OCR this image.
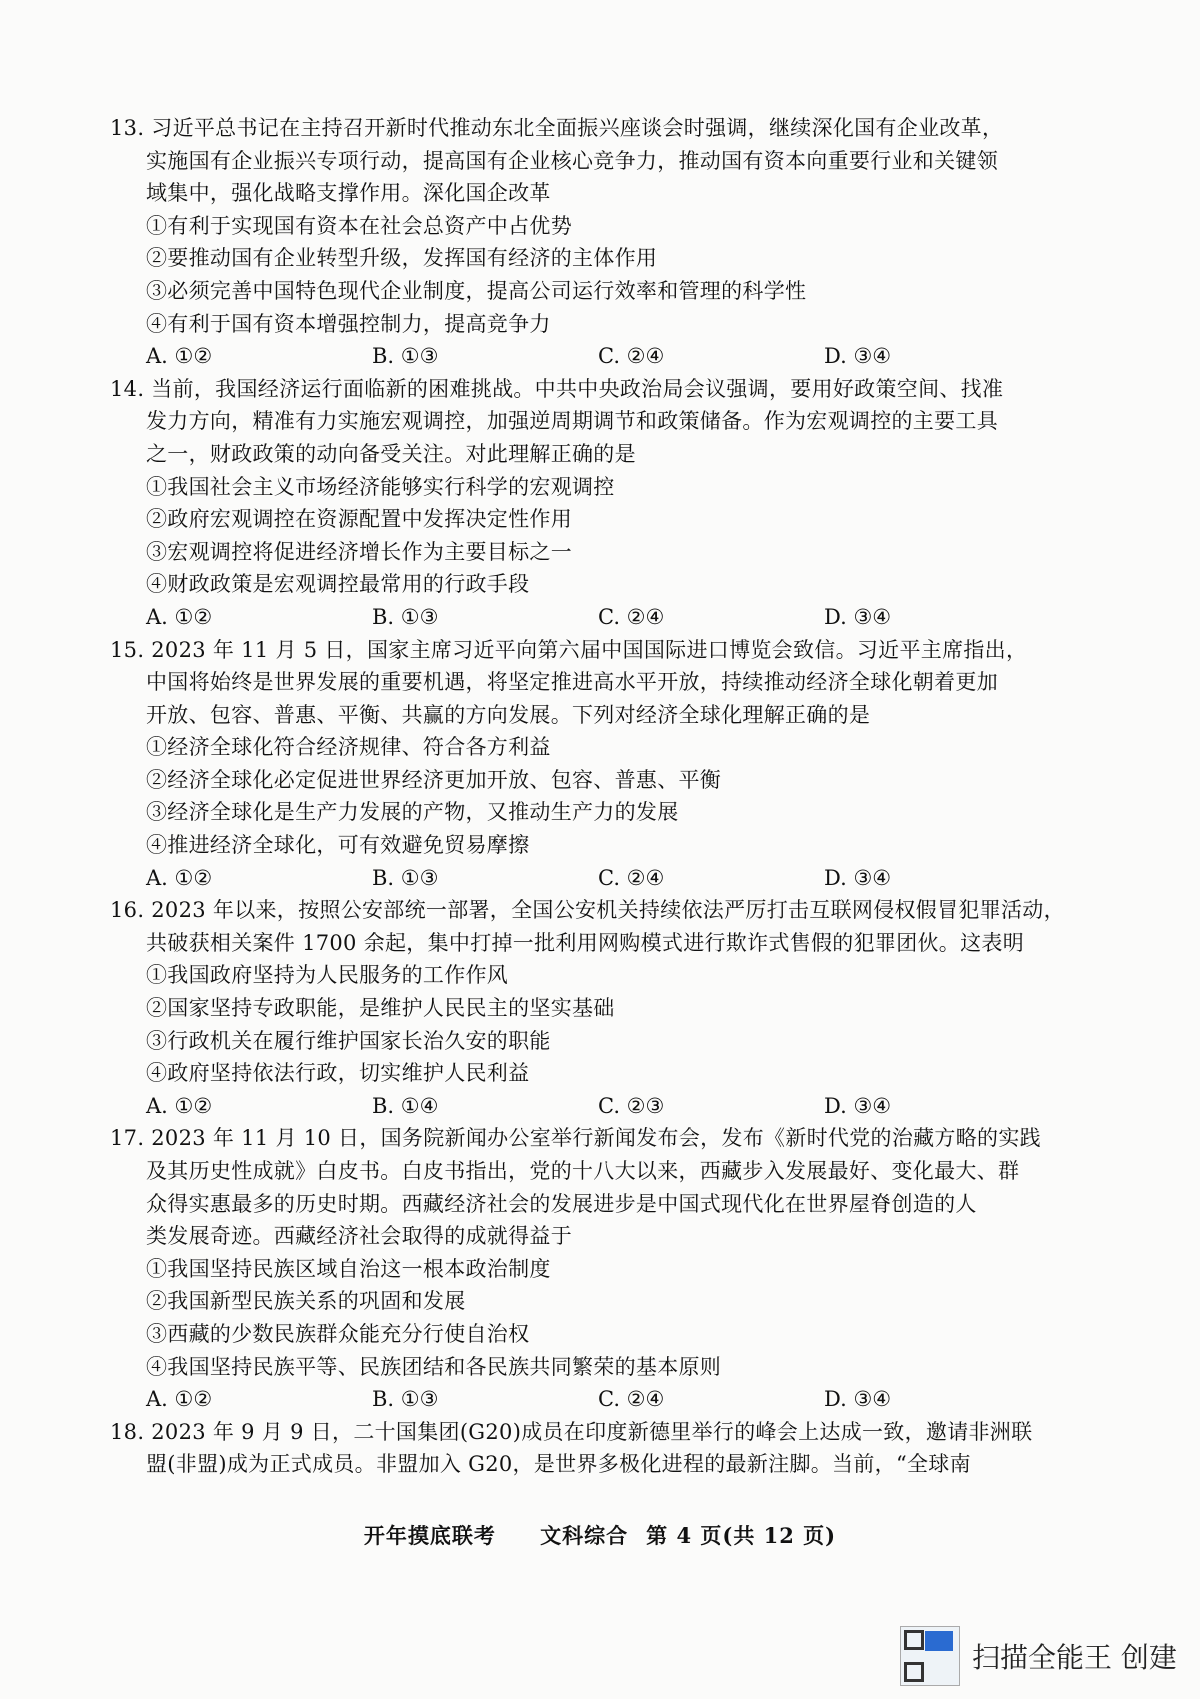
13. 习近平总书记在主持召开新时代推动东北全面振兴座谈会时强调，继续深化国有企业改革，
实施国有企业振兴专项行动，提高国有企业核心竞争力，推动国有资本向重要行业和关键领
域集中，强化战略支撑作用。深化国企改革
①有利于实现国有资本在社会总资产中占优势
②要推动国有企业转型升级，发挥国有经济的主体作用
③必须完善中国特色现代企业制度，提高公司运行效率和管理的科学性
④有利于国有资本增强控制力，提高竞争力
A. ①②	B. ①③	C. ②④	D. ③④
14. 当前，我国经济运行面临新的困难挑战。中共中央政治局会议强调，要用好政策空间、找准
发力方向，精准有力实施宏观调控，加强逆周期调节和政策储备。作为宏观调控的主要工具
之一，财政政策的动向备受关注。对此理解正确的是
①我国社会主义市场经济能够实行科学的宏观调控
②政府宏观调控在资源配置中发挥决定性作用
③宏观调控将促进经济增长作为主要目标之一
④财政政策是宏观调控最常用的行政手段
A. ①②	B. ①③	C. ②④	D. ③④
15. 2023 年 11 月 5 日，国家主席习近平向第六届中国国际进口博览会致信。习近平主席指出，
中国将始终是世界发展的重要机遇，将坚定推进高水平开放，持续推动经济全球化朝着更加
开放、包容、普惠、平衡、共赢的方向发展。下列对经济全球化理解正确的是
①经济全球化符合经济规律、符合各方利益
②经济全球化必定促进世界经济更加开放、包容、普惠、平衡
③经济全球化是生产力发展的产物，又推动生产力的发展
④推进经济全球化，可有效避免贸易摩擦
A. ①②	B. ①③	C. ②④	D. ③④
16. 2023 年以来，按照公安部统一部署，全国公安机关持续依法严厉打击互联网侵权假冒犯罪活动，
共破获相关案件 1700 余起，集中打掉一批利用网购模式进行欺诈式售假的犯罪团伙。这表明
①我国政府坚持为人民服务的工作作风
②国家坚持专政职能，是维护人民民主的坚实基础
③行政机关在履行维护国家长治久安的职能
④政府坚持依法行政，切实维护人民利益
A. ①②	B. ①④	C. ②③	D. ③④
17. 2023 年 11 月 10 日，国务院新闻办公室举行新闻发布会，发布《新时代党的治藏方略的实践
及其历史性成就》白皮书。白皮书指出，党的十八大以来，西藏步入发展最好、变化最大、群
众得实惠最多的历史时期。西藏经济社会的发展进步是中国式现代化在世界屋脊创造的人
类发展奇迹。西藏经济社会取得的成就得益于
①我国坚持民族区域自治这一根本政治制度
②我国新型民族关系的巩固和发展
③西藏的少数民族群众能充分行使自治权
④我国坚持民族平等、民族团结和各民族共同繁荣的基本原则
A. ①②	B. ①③	C. ②④	D. ③④
18. 2023 年 9 月 9 日，二十国集团(G20)成员在印度新德里举行的峰会上达成一致，邀请非洲联
盟(非盟)成为正式成员。非盟加入 G20，是世界多极化进程的最新注脚。当前，“全球南
开年摸底联考 文科综合 第 4 页(共 12 页)
扫描全能王 创建
